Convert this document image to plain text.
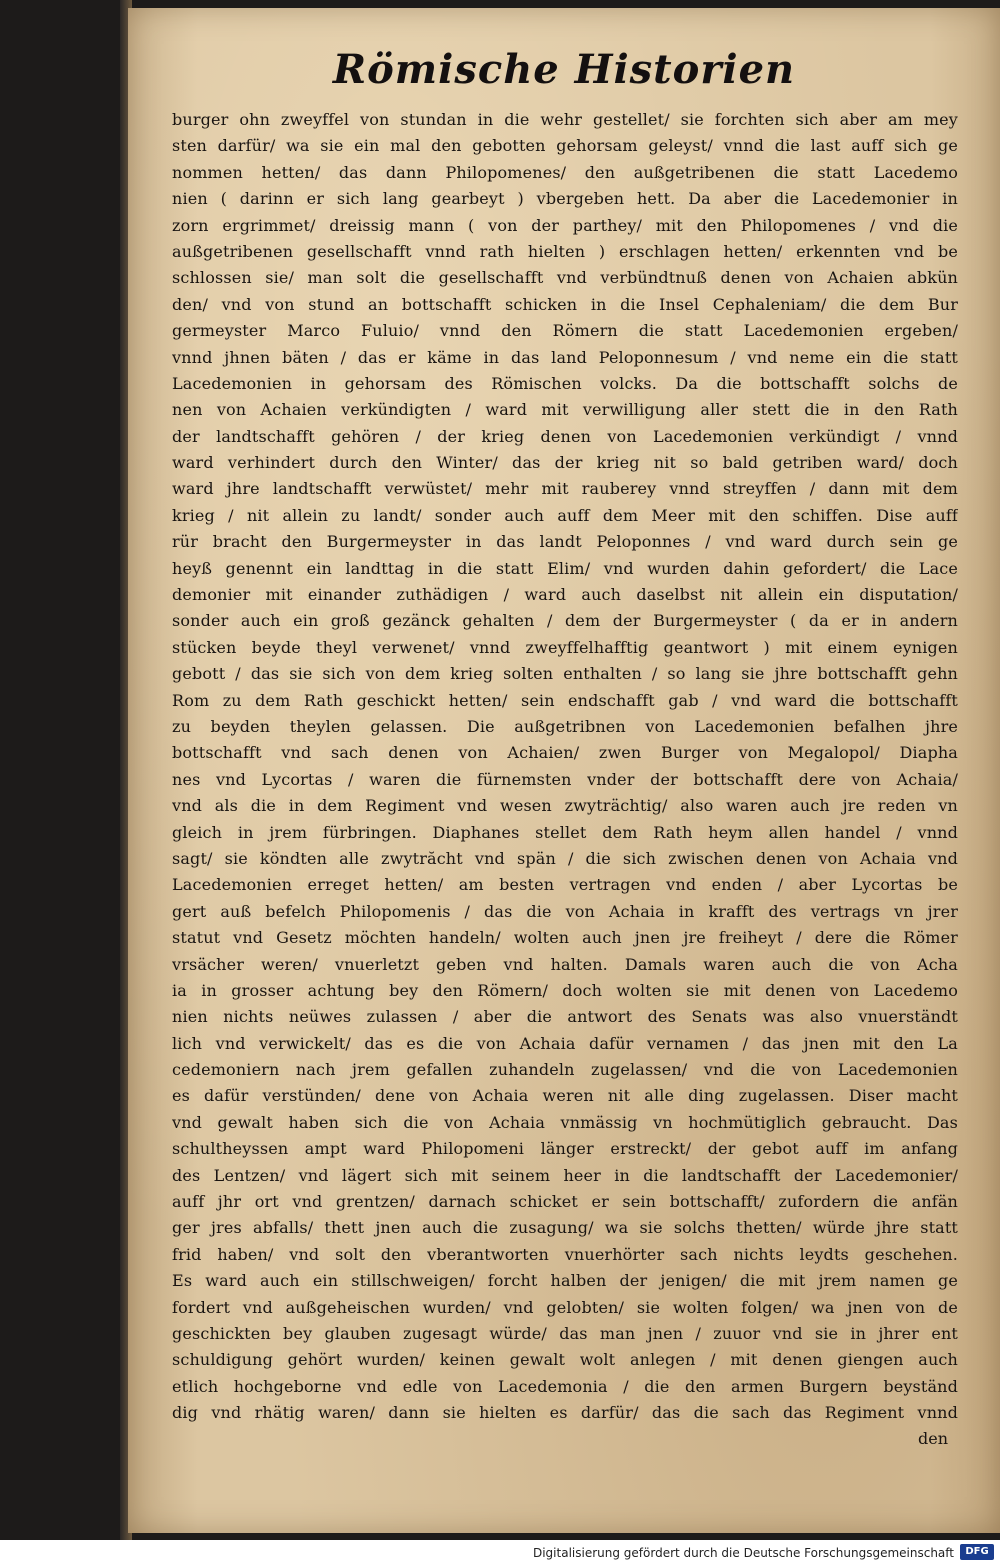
Römische Historien
burger ohn zweyffel von stundan in die wehr gestellet/ sie forchten sich aber am mey
sten darfür/ wa sie ein mal den gebotten gehorsam geleyst/ vnnd die last auff sich ge
nommen hetten/ das dann Philopomenes/ den außgetribenen die statt Lacedemo
nien ( darinn er sich lang gearbeyt ) vbergeben hett. Da aber die Lacedemonier in
zorn ergrimmet/ dreissig mann ( von der parthey/ mit den Philopomenes / vnd die
außgetribenen gesellschafft vnnd rath hielten ) erschlagen hetten/ erkennten vnd be
schlossen sie/ man solt die gesellschafft vnd verbündtnuß denen von Achaien abkün
den/ vnd von stund an bottschafft schicken in die Insel Cephaleniam/ die dem Bur
germeyster Marco Fuluio/ vnnd den Römern die statt Lacedemonien ergeben/
vnnd jhnen bäten / das er käme in das land Peloponnesum / vnd neme ein die statt
Lacedemonien in gehorsam des Römischen volcks. Da die bottschafft solchs de
nen von Achaien verkündigten / ward mit verwilligung aller stett die in den Rath
der landtschafft gehören / der krieg denen von Lacedemonien verkündigt / vnnd
ward verhindert durch den Winter/ das der krieg nit so bald getriben ward/ doch
ward jhre landtschafft verwüstet/ mehr mit rauberey vnnd streyffen / dann mit dem
krieg / nit allein zu landt/ sonder auch auff dem Meer mit den schiffen. Dise auff
rür bracht den Burgermeyster in das landt Peloponnes / vnd ward durch sein ge
heyß genennt ein landttag in die statt Elim/ vnd wurden dahin gefordert/ die Lace
demonier mit einander zuthädigen / ward auch daselbst nit allein ein disputation/
sonder auch ein groß gezänck gehalten / dem der Burgermeyster ( da er in andern
stücken beyde theyl verwenet/ vnnd zweyffelhafftig geantwort ) mit einem eynigen
gebott / das sie sich von dem krieg solten enthalten / so lang sie jhre bottschafft gehn
Rom zu dem Rath geschickt hetten/ sein endschafft gab / vnd ward die bottschafft
zu beyden theylen gelassen. Die außgetribnen von Lacedemonien befalhen jhre
bottschafft vnd sach denen von Achaien/ zwen Burger von Megalopol/ Diapha
nes vnd Lycortas / waren die fürnemsten vnder der bottschafft dere von Achaia/
vnd als die in dem Regiment vnd wesen zwyträchtig/ also waren auch jre reden vn
gleich in jrem fürbringen. Diaphanes stellet dem Rath heym allen handel / vnnd
sagt/ sie köndten alle zwytrăcht vnd spän / die sich zwischen denen von Achaia vnd
Lacedemonien erreget hetten/ am besten vertragen vnd enden / aber Lycortas be
gert auß befelch Philopomenis / das die von Achaia in krafft des vertrags vn jrer
statut vnd Gesetz möchten handeln/ wolten auch jnen jre freiheyt / dere die Römer
vrsächer weren/ vnuerletzt geben vnd halten. Damals waren auch die von Acha
ia in grosser achtung bey den Römern/ doch wolten sie mit denen von Lacedemo
nien nichts neüwes zulassen / aber die antwort des Senats was also vnuerständt
lich vnd verwickelt/ das es die von Achaia dafür vernamen / das jnen mit den La
cedemoniern nach jrem gefallen zuhandeln zugelassen/ vnd die von Lacedemonien
es dafür verstünden/ dene von Achaia weren nit alle ding zugelassen. Diser macht
vnd gewalt haben sich die von Achaia vnmässig vn hochmütiglich gebraucht. Das
schultheyssen ampt ward Philopomeni länger erstreckt/ der gebot auff im anfang
des Lentzen/ vnd lägert sich mit seinem heer in die landtschafft der Lacedemonier/
auff jhr ort vnd grentzen/ darnach schicket er sein bottschafft/ zufordern die anfän
ger jres abfalls/ thett jnen auch die zusagung/ wa sie solchs thetten/ würde jhre statt
frid haben/ vnd solt den vberantworten vnuerhörter sach nichts leydts geschehen.
Es ward auch ein stillschweigen/ forcht halben der jenigen/ die mit jrem namen ge
fordert vnd außgeheischen wurden/ vnd gelobten/ sie wolten folgen/ wa jnen von de
geschickten bey glauben zugesagt würde/ das man jnen / zuuor vnd sie in jhrer ent
schuldigung gehört wurden/ keinen gewalt wolt anlegen / mit denen giengen auch
etlich hochgeborne vnd edle von Lacedemonia / die den armen Burgern beyständ
dig vnd rhätig waren/ dann sie hielten es darfür/ das die sach das Regiment vnnd
den
Digitalisierung gefördert durch die Deutsche Forschungsgemeinschaft	DFG
